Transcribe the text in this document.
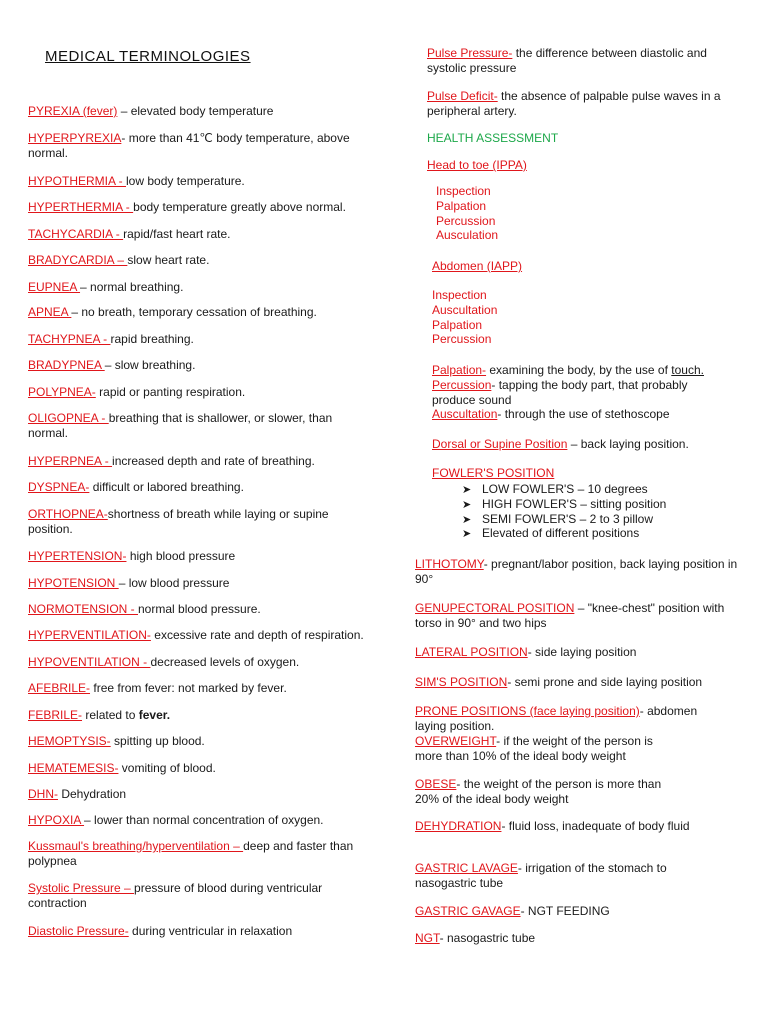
MEDICAL TERMINOLOGIES
PYREXIA (fever) – elevated body temperature
HYPERPYREXIA- more than 41℃ body temperature, above normal.
HYPOTHERMIA - low body temperature.
HYPERTHERMIA - body temperature greatly above normal.
TACHYCARDIA - rapid/fast heart rate.
BRADYCARDIA – slow heart rate.
EUPNEA – normal breathing.
APNEA – no breath, temporary cessation of breathing.
TACHYPNEA - rapid breathing.
BRADYPNEA – slow breathing.
POLYPNEA- rapid or panting respiration.
OLIGOPNEA - breathing that is shallower, or slower, than normal.
HYPERPNEA - increased depth and rate of breathing.
DYSPNEA- difficult or labored breathing.
ORTHOPNEA-shortness of breath while laying or supine position.
HYPERTENSION- high blood pressure
HYPOTENSION – low blood pressure
NORMOTENSION - normal blood pressure.
HYPERVENTILATION- excessive rate and depth of respiration.
HYPOVENTILATION - decreased levels of oxygen.
AFEBRILE- free from fever: not marked by fever.
FEBRILE- related to fever.
HEMOPTYSIS- spitting up blood.
HEMATEMESIS- vomiting of blood.
DHN- Dehydration
HYPOXIA – lower than normal concentration of oxygen.
Kussmaul's breathing/hyperventilation – deep and faster than polypnea
Systolic Pressure – pressure of blood during ventricular contraction
Diastolic Pressure- during ventricular in relaxation
Pulse Pressure- the difference between diastolic and systolic pressure
Pulse Deficit- the absence of palpable pulse waves in a peripheral artery.
HEALTH ASSESSMENT
Head to toe (IPPA)
Inspection
Palpation
Percussion
Ausculation
Abdomen (IAPP)
Inspection
Auscultation
Palpation
Percussion
Palpation- examining the body, by the use of touch.
Percussion- tapping the body part, that probably produce sound
Auscultation- through the use of stethoscope
Dorsal or Supine Position – back laying position.
FOWLER'S POSITION
➤ LOW FOWLER'S – 10 degrees
➤ HIGH FOWLER'S – sitting position
➤ SEMI FOWLER'S – 2 to 3 pillow
➤ Elevated of different positions
LITHOTOMY- pregnant/labor position, back laying position in 90°
GENUPECTORAL POSITION – "knee-chest" position with torso in 90° and two hips
LATERAL POSITION- side laying position
SIM'S POSITION- semi prone and side laying position
PRONE POSITIONS (face laying position)- abdomen laying position.
OVERWEIGHT- if the weight of the person is more than 10% of the ideal body weight
OBESE- the weight of the person is more than 20% of the ideal body weight
DEHYDRATION- fluid loss, inadequate of body fluid
GASTRIC LAVAGE- irrigation of the stomach to nasogastric tube
GASTRIC GAVAGE- NGT FEEDING
NGT- nasogastric tube
